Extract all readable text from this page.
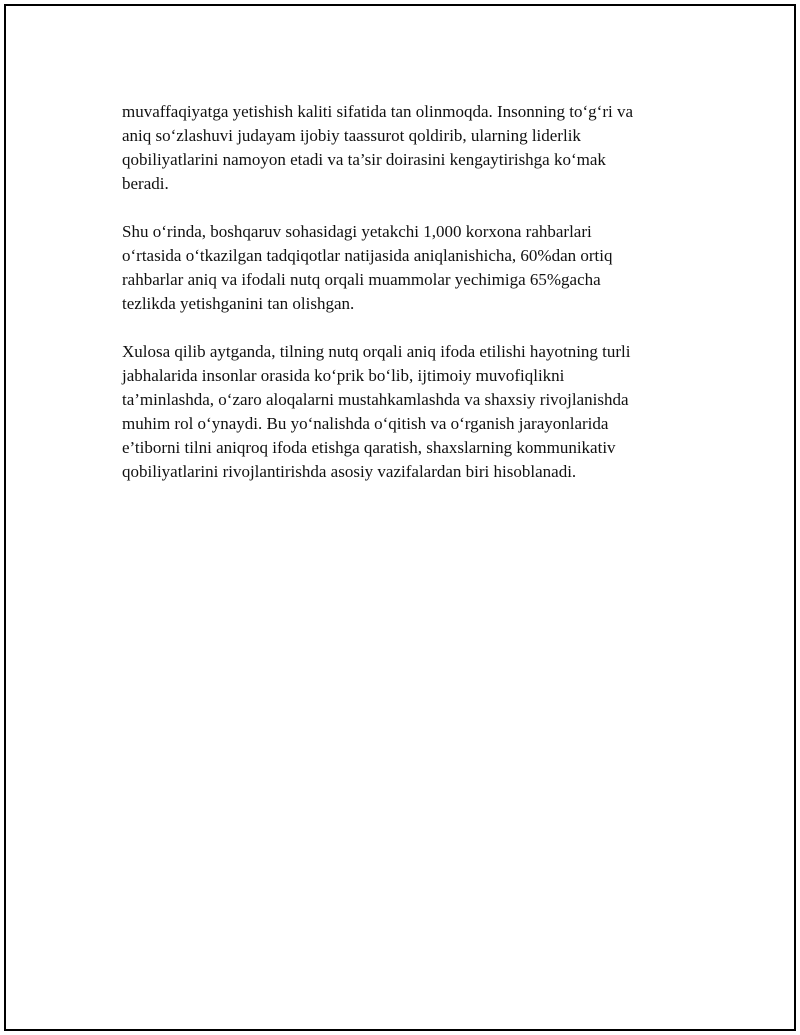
muvaffaqiyatga yetishish kaliti sifatida tan olinmoqda. Insonning to‘g‘ri va
aniq so‘zlashuvi judayam ijobiy taassurot qoldirib, ularning liderlik
qobiliyatlarini namoyon etadi va ta’sir doirasini kengaytirishga ko‘mak
beradi.

Shu o‘rinda, boshqaruv sohasidagi yetakchi 1,000 korxona rahbarlari
o‘rtasida o‘tkazilgan tadqiqotlar natijasida aniqlanishicha, 60%dan ortiq
rahbarlar aniq va ifodali nutq orqali muammolar yechimiga 65%gacha
tezlikda yetishganini tan olishgan.

Xulosa qilib aytganda, tilning nutq orqali aniq ifoda etilishi hayotning turli
jabhalarida insonlar orasida ko‘prik bo‘lib, ijtimoiy muvofiqlikni
ta’minlashda, o‘zaro aloqalarni mustahkamlashda va shaxsiy rivojlanishda
muhim rol o‘ynaydi. Bu yo‘nalishda o‘qitish va o‘rganish jarayonlarida
e’tiborni tilni aniqroq ifoda etishga qaratish, shaxslarning kommunikativ
qobiliyatlarini rivojlantirishda asosiy vazifalardan biri hisoblanadi.
